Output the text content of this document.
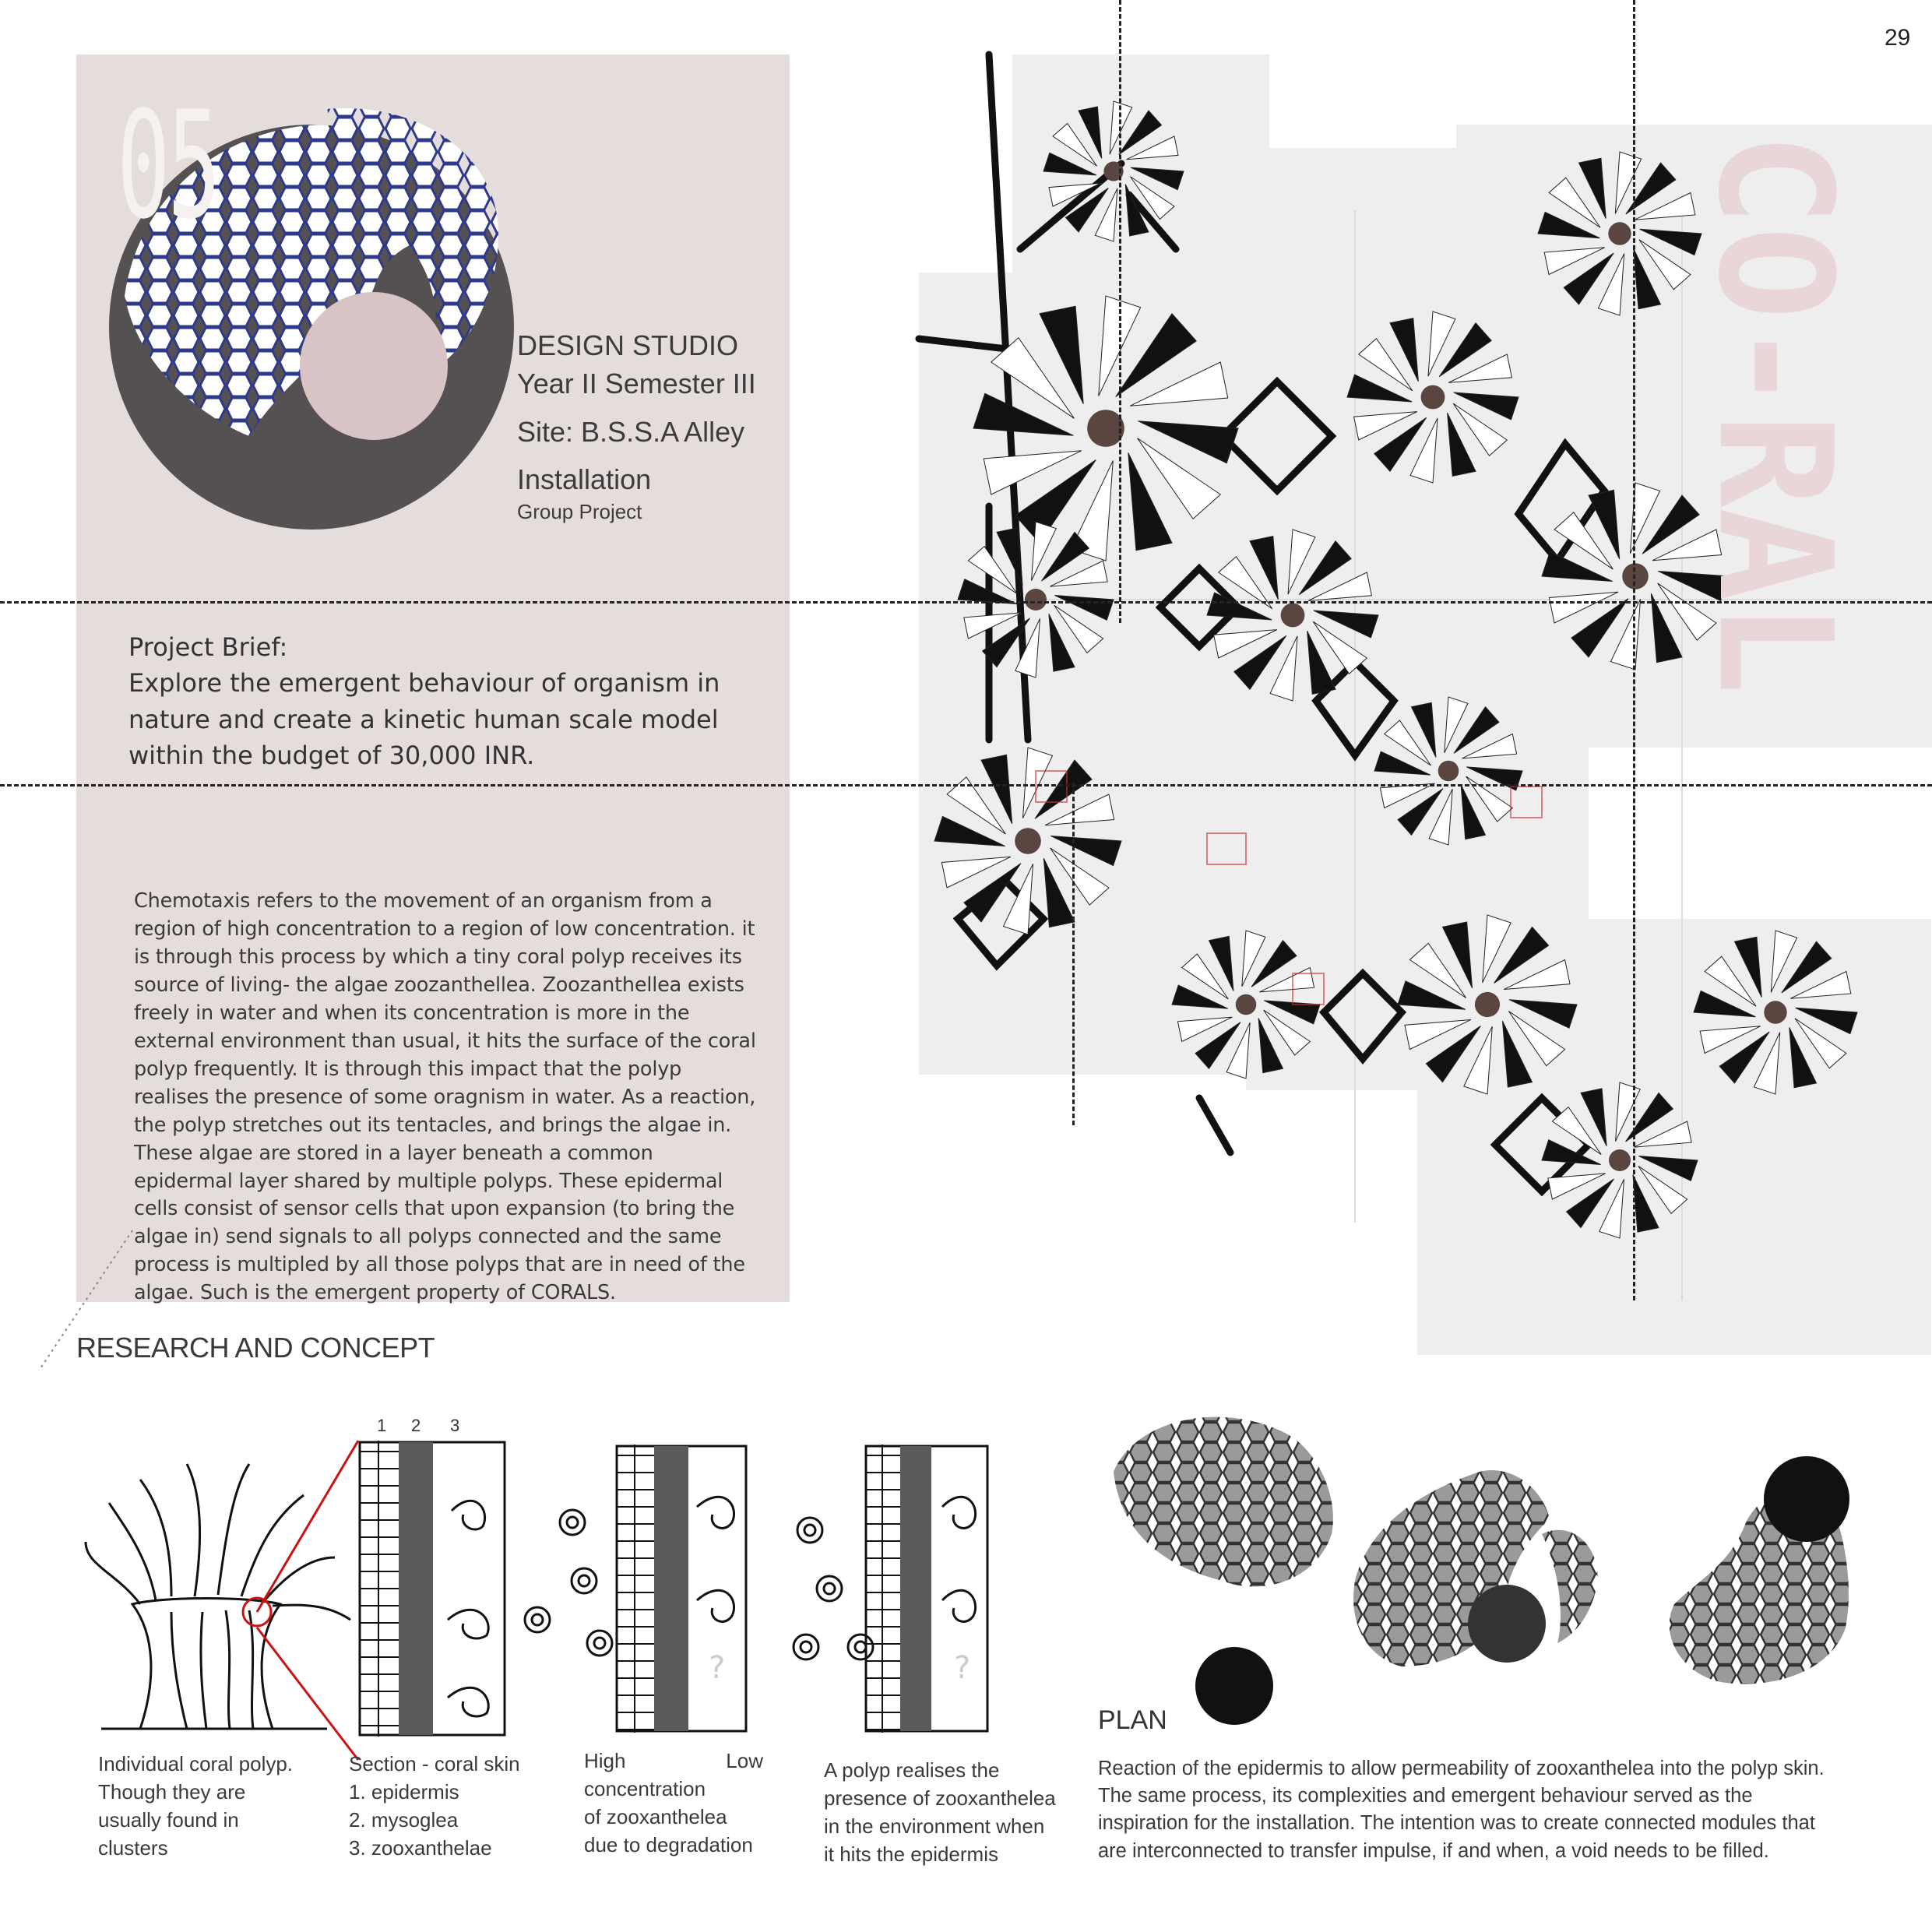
29
05
DESIGN STUDIO
Year II Semester III
Site: B.S.S.A Alley
Installation
Group Project
Project Brief:
Explore the emergent behaviour of organism in nature and create a kinetic human scale model within the budget of 30,000 INR.
Chemotaxis refers to the movement of an organism from a region of high concentration to a region of low concentration. it is through this process by which a tiny coral polyp receives its source of living- the algae zoozanthellea. Zoozanthellea exists freely in water and when its concentration is more in the external environment than usual, it hits the surface of the coral polyp frequently. It is through this impact that the polyp realises the presence of some oragnism in water. As a reaction, the polyp stretches out its tentacles, and brings the algae in. These algae are stored in a layer beneath a common epidermal layer shared by multiple polyps. These epidermal cells consist of sensor cells that upon expansion (to bring the algae in) send signals to all polyps connected and the same process is multipled by all those polyps that are in need of the algae. Such is the emergent property of CORALS.
CO-RAL
RESEARCH AND CONCEPT
1 2 3
?	?
PLAN
Individual coral polyp.
Though they are
usually found in
clusters
Section - coral skin
1. epidermis
2. mysoglea
3. zooxanthelae
High	Low
concentration
of zooxanthelea
due to degradation
A polyp realises the
presence of zooxanthelea
in the environment when
it hits the epidermis
Reaction of the epidermis to allow permeability of zooxanthelea into the polyp skin.
The same process, its complexities and emergent behaviour served as the
inspiration for the installation. The intention was to create connected modules that
are interconnected to transfer impulse, if and when, a void needs to be filled.
